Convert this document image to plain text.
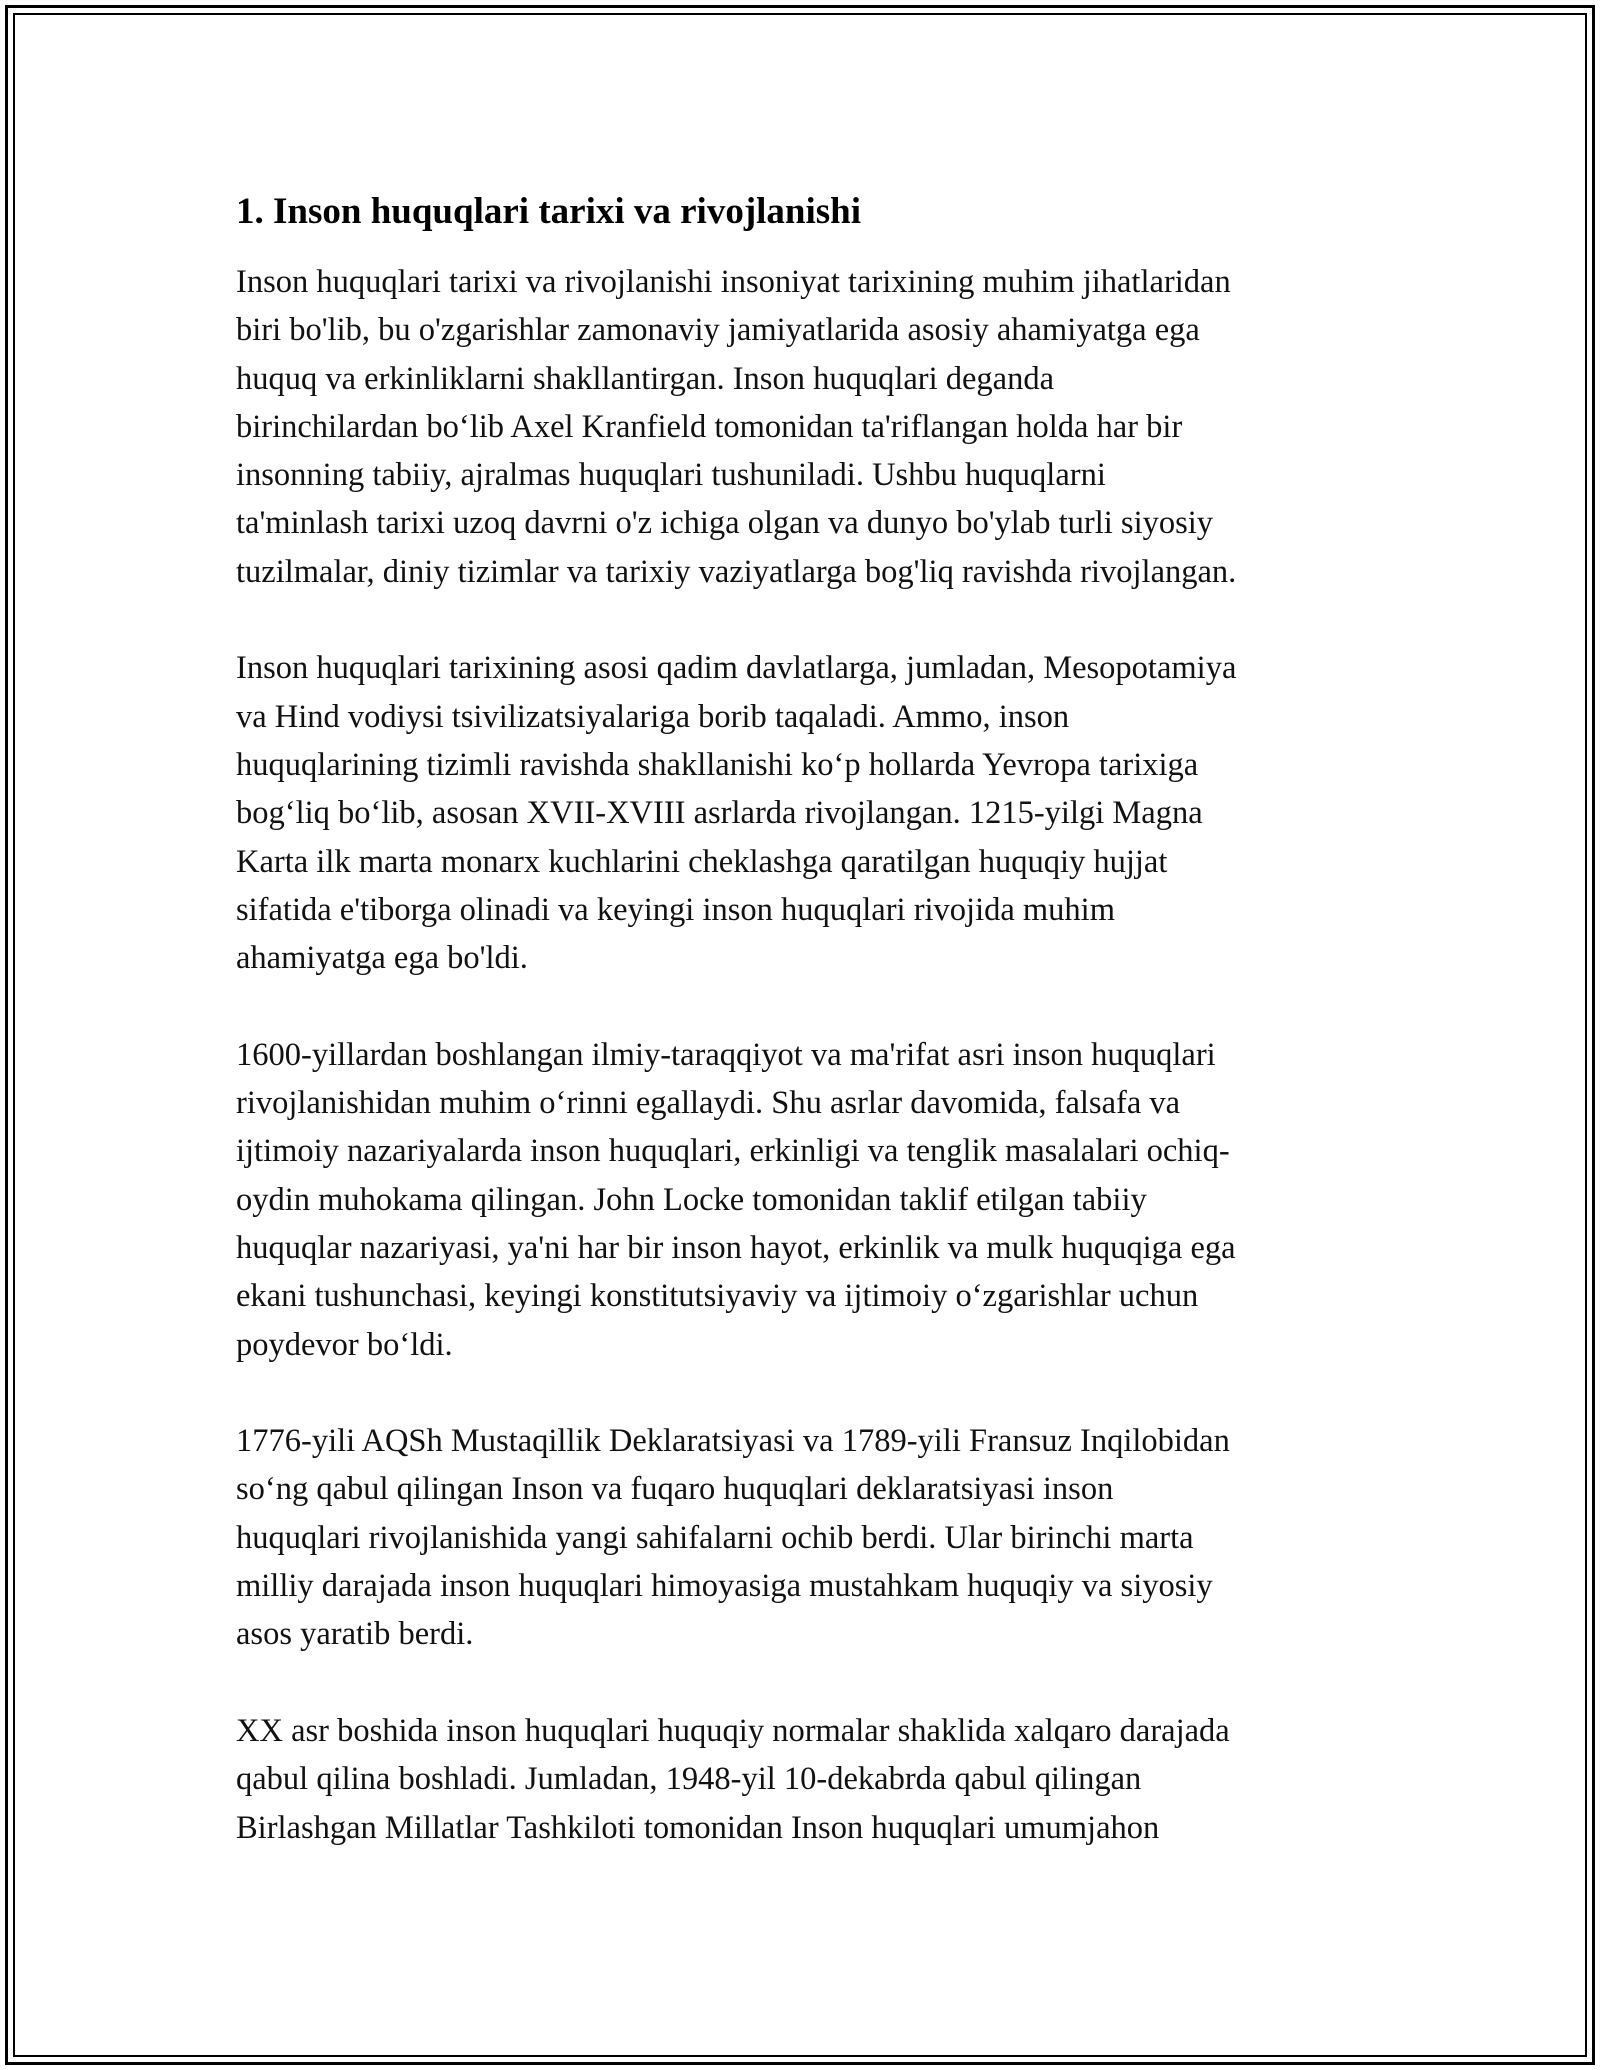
1. Inson huquqlari tarixi va rivojlanishi
Inson huquqlari tarixi va rivojlanishi insoniyat tarixining muhim jihatlaridan
biri bo'lib, bu o'zgarishlar zamonaviy jamiyatlarida asosiy ahamiyatga ega
huquq va erkinliklarni shakllantirgan. Inson huquqlari deganda
birinchilardan bo‘lib Axel Kranfield tomonidan ta'riflangan holda har bir
insonning tabiiy, ajralmas huquqlari tushuniladi. Ushbu huquqlarni
ta'minlash tarixi uzoq davrni o'z ichiga olgan va dunyo bo'ylab turli siyosiy
tuzilmalar, diniy tizimlar va tarixiy vaziyatlarga bog'liq ravishda rivojlangan.
Inson huquqlari tarixining asosi qadim davlatlarga, jumladan, Mesopotamiya
va Hind vodiysi tsivilizatsiyalariga borib taqaladi. Ammo, inson
huquqlarining tizimli ravishda shakllanishi ko‘p hollarda Yevropa tarixiga
bog‘liq bo‘lib, asosan XVII-XVIII asrlarda rivojlangan. 1215-yilgi Magna
Karta ilk marta monarx kuchlarini cheklashga qaratilgan huquqiy hujjat
sifatida e'tiborga olinadi va keyingi inson huquqlari rivojida muhim
ahamiyatga ega bo'ldi.
1600-yillardan boshlangan ilmiy-taraqqiyot va ma'rifat asri inson huquqlari
rivojlanishidan muhim o‘rinni egallaydi. Shu asrlar davomida, falsafa va
ijtimoiy nazariyalarda inson huquqlari, erkinligi va tenglik masalalari ochiq-
oydin muhokama qilingan. John Locke tomonidan taklif etilgan tabiiy
huquqlar nazariyasi, ya'ni har bir inson hayot, erkinlik va mulk huquqiga ega
ekani tushunchasi, keyingi konstitutsiyaviy va ijtimoiy o‘zgarishlar uchun
poydevor bo‘ldi.
1776-yili AQSh Mustaqillik Deklaratsiyasi va 1789-yili Fransuz Inqilobidan
so‘ng qabul qilingan Inson va fuqaro huquqlari deklaratsiyasi inson
huquqlari rivojlanishida yangi sahifalarni ochib berdi. Ular birinchi marta
milliy darajada inson huquqlari himoyasiga mustahkam huquqiy va siyosiy
asos yaratib berdi.
XX asr boshida inson huquqlari huquqiy normalar shaklida xalqaro darajada
qabul qilina boshladi. Jumladan, 1948-yil 10-dekabrda qabul qilingan
Birlashgan Millatlar Tashkiloti tomonidan Inson huquqlari umumjahon
